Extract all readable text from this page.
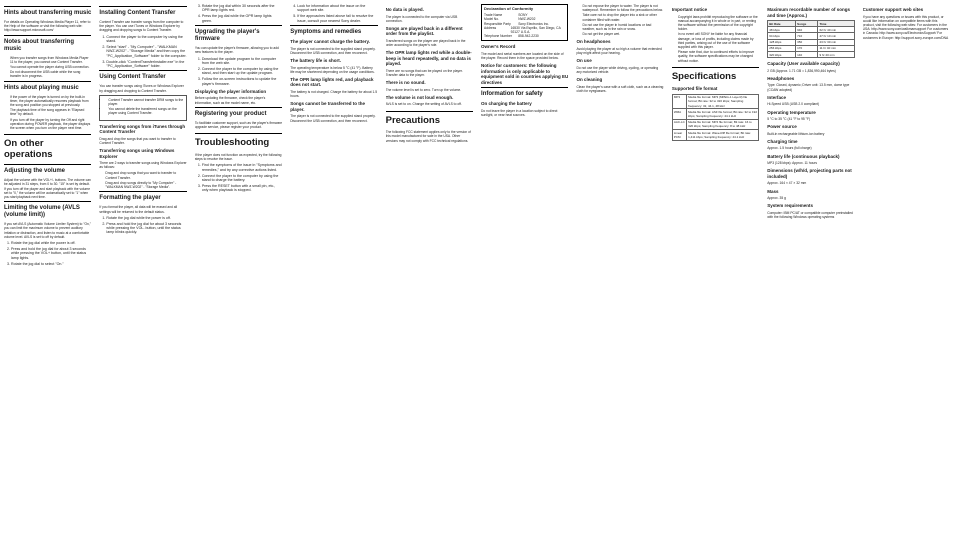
Hints about transferring music

For details on Operating Windows Media Player 11, refer to the Help of the software or visit the following web site: http://www.support.microsoft.com/

Notes about transferring music
• When you transfer songs from Windows Media Player 11 to the player, you cannot use Content Transfer.
• You cannot operate the player during USB connection.
• Do not disconnect the USB cable while the song transfer is in progress.
Hints about playing music
• If the power of the player is turned on by the built-in timer, the player automatically resumes playback from the song and position you stopped at previously.
• The playback time of the song appears in "Elapsed time" by default.
• If you turn off the player by turning the Off and right operation during POWER playback, the player displays the screen when you turn on the player next time.
On other operations
Adjusting the volume

Adjust the volume with the VOL+/- buttons. The volume can be adjusted in 31 steps, from 0 to 30. "15" is set by default. If you turn off the player and start playback with the volume set to "0," the volume will be automatically set to "1" when you start playback next time.

Limiting the volume (AVLS (volume limit))

If you set AVLS (Automatic Volume Limiter System) to "On," you can limit the maximum volume to prevent auditory irritation or distraction, and listen to music at a comfortable volume level. AVLS is set to off by default.

1. Rotate the jog dial while the power is off.
2. Press and hold the jog dial for about 3 seconds while pressing the VOL+ button, until the status lamp lights.
3. Rotate the jog dial to select "On."
Installing Content Transfer

Content Transfer can transfer songs from the computer to the player. You can use iTunes or Windows Explorer by dragging and dropping songs to Content Transfer.

1. Connect the player to the computer by using the stand.
2. Select "start" - "My Computer" - "WALKMAN NWZ-W202" - "Storage Media" and then copy the "PC_Application_Software" folder to the computer.
3. Double-click "ContentTransferInstaller.exe" in the "PC_Application_Software" folder.
Using Content Transfer

You can transfer songs using iTunes or Windows Explorer by dragging and dropping to Content Transfer.

• Content Transfer cannot transfer DRM songs to the player.
• You cannot delete the transferred songs on the player using Content Transfer.
Transferring songs from iTunes through Content Transfer

Drag and drop the songs that you want to transfer to Content Transfer.

Transferring songs using Windows Explorer

There are 2 ways to transfer songs using Windows Explorer as follows:

• Drag and drop songs that you want to transfer to Content Transfer.
• Drag and drop songs directly to "My Computer" - "WALKMAN NWZ-W202" - "Storage Media".
Formatting the player

If you format the player, all data will be erased and all settings will be returned to the default status.

1. Rotate the jog dial while the power is off.
2. Press and hold the jog dial for about 3 seconds while pressing the VOL- button, until the status lamp blinks quickly.
3. Rotate the jog dial within 30 seconds after the OPR lamp lights red.
4. Press the jog dial while the OPR lamp lights green.
Upgrading the player's firmware

You can update the player's firmware, allowing you to add new features to the player.

1. Download the update program to the computer from the web site.
2. Connect the player to the computer by using the stand, and then start up the update program.
3. Follow the on-screen instructions to update the player's firmware.
Displaying the player information

Before updating the firmware, check the player's information, such as the model name, etc.

Registering your product

To facilitate customer support, such as the player's firmware upgrade service, please register your product.

Troubleshooting

If the player does not function as expected, try the following steps to resolve the issue.

1. Find the symptoms of the issue in "Symptoms and remedies," and try any corrective actions listed.
2. Connect the player to the computer by using the stand to charge the battery.
3. Press the RESET button with a small pin, etc., only when playback is stopped.
4. Look for information about the issue on the support web site.
5. If the approaches listed above fail to resolve the issue, consult your nearest Sony dealer.
Symptoms and remedies
The player cannot charge the battery.

The player is not connected to the supplied stand properly. Disconnect the USB connection, and then reconnect.

The battery life is short.

The operating temperature is below 5 °C (41 °F). Battery life may be shortened depending on the usage conditions.

The OPR lamp lights red, and playback does not start.

The battery is not charged. Charge the battery for about 1.5 hours.

Songs cannot be transferred to the player.

The player is not connected to the supplied stand properly. Disconnect the USB connection, and then reconnect.

No data is played.

The player is connected to the computer via USB connection.

Songs are played back in a different order from the playlist.

Transferred songs on the player are played back in the order according to the player's rule.

The OPR lamp lights red while a double-beep is heard repeatedly, and no data is played.

There are no songs that can be played on the player. Transfer data to the player.

There is no sound.

The volume level is set to zero. Turn up the volume.

The volume is not loud enough.

AVLS is set to on. Change the setting of AVLS to off.

Precautions

The following FCC statement applies only to the version of this model manufactured for sale in the USA. Other versions may not comply with FCC technical regulations.

Declaration of Conformity
Trade Name	SONY
Model No.	NWZ-W202
Responsible Party	Sony Electronics Inc.
Address	16530 Via Esprillo, San Diego, CA 92127 U.S.A.
Telephone Number	858-942-2230
Owner's Record

The model and serial numbers are located on the side of the player. Record them in the space provided below.

Notice for customers: the following information is only applicable to equipment sold in countries applying EU directives
Information for safety
On charging the battery

Do not leave the player in a location subject to direct sunlight, or near heat sources.

• Do not expose the player to water. The player is not waterproof. Remember to follow the precautions below.
• Take care not to drop the player into a sink or other container filled with water.
• Do not use the player in humid locations or bad weather, such as in the rain or snow.
• Do not get the player wet.
On headphones

Avoid playing the player at so high a volume that extended play might affect your hearing.

On use

Do not use the player while driving, cycling, or operating any motorized vehicle.

On cleaning

Clean the player's case with a soft cloth, such as a cleaning cloth for eyeglasses.

Important notice
• Copyright laws prohibit reproducing the software or the manual accompanying it in whole or in part, or renting the software without the permission of the copyright holder.
• In no event will SONY be liable for any financial damage, or loss of profits, including claims made by third parties, arising out of the use of the software supplied with this player.
• Please note that, due to continued efforts to improve quality, the software specifications may be changed without notice.
Specifications
Supported file format
MP3	Media file format: MP3 (MPEG-1 Layer3) file format; Bit rate: 32 to 320 kbps; Sampling frequency: 32, 44.1, 48 kHz
WMA	Media file format: ASF file format; Bit rate: 32 to 192 kbps; Sampling frequency: 44.1 kHz
AAC-LC	Media file format: MP4 file format; Bit rate: 16 to 320 kbps; Sampling frequency: 8 to 48 kHz
Linear PCM	Media file format: Wave-Riff file format; Bit rate: 1,411 kbps; Sampling frequency: 44.1 kHz
Maximum recordable number of songs and time (Approx.)
Bit Rate	Songs	Time
48 kbps	940	62 hr 40 min
64 kbps	710	47 hr 10 min
128 kbps	350	23 hr 30 min
256 kbps	170	11 hr 40 min
320 kbps	140	9 hr 20 min
Capacity (User available capacity)

2 GB (Approx. 1.71 GB = 1,836,990,464 bytes)

Headphones

Type: Closed, dynamic; Driver unit: 13.5 mm, dome type (CCAW adopted)

Interface

Hi-Speed USB (USB 2.0 compliant)

Operating temperature

5 °C to 35 °C (41 °F to 95 °F)

Power source

Built-in rechargeable lithium-ion battery

Charging time

Approx. 1.5 hours (full charge)

Battery life (continuous playback)

MP3 (128 kbps): Approx. 11 hours

Dimensions (w/h/d, projecting parts not included)

Approx. 164 × 47 × 32 mm

Mass

Approx. 35 g

System requirements

Computer: IBM PC/AT or compatible computer preinstalled with the following Windows operating systems

Customer support web sites

If you have any questions or issues with this product, or would like information on compatible items with this product, visit the following web sites: For customers in the USA: http://www.sony.com/walkmansupport For customers in Canada: http://www.sony.ca/ElectronicsSupport/ For customers in Europe: http://support.sony-europe.com/DNA
